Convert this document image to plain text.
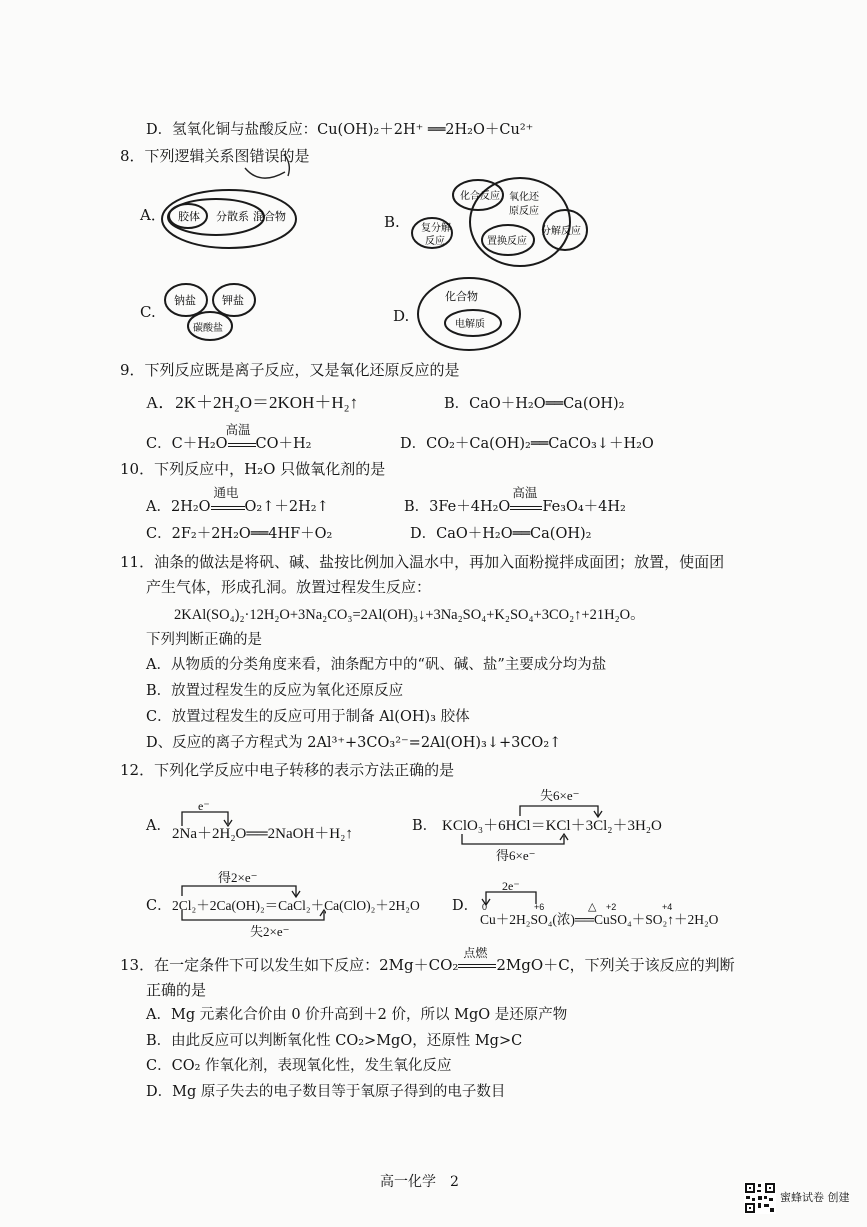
D．氢氧化铜与盐酸反应：Cu(OH)₂＋2H⁺ ══2H₂O＋Cu²⁺
8．下列逻辑关系图错误的是
A． 胶体 分散系 混合物	B.
化合反应 氧化还
原反应
复分解
反应	置换反应
分解反应
C.
钠盐 钾盐
碳酸盐
D.
化合物
电解质
9．下列反应既是离子反应，又是氧化还原反应的是
A．2K＋2H₂O＝2KOH＋H₂↑	B．CaO＋H₂O══Ca(OH)₂
C．C＋H₂O
高温
CO＋H₂	D．CO₂＋Ca(OH)₂══CaCO₃↓＋H₂O
10．下列反应中，H₂O 只做氧化剂的是
A．2H₂O
通电
O₂↑＋2H₂↑	B．3Fe＋4H₂O
高温
Fe₃O₄＋4H₂
C．2F₂＋2H₂O══4HF＋O₂	D．CaO＋H₂O══Ca(OH)₂
11．油条的做法是将矾、碱、盐按比例加入温水中，再加入面粉搅拌成面团；放置，使面团
产生气体，形成孔洞。放置过程发生反应：
2KAl(SO₄)₂·12H₂O+3Na₂CO₃=2Al(OH)₃↓+3Na₂SO₄+K₂SO₄+3CO₂↑+21H₂O。
下列判断正确的是
A．从物质的分类角度来看，油条配方中的“矾、碱、盐”主要成分均为盐
B．放置过程发生的反应为氧化还原反应
C．放置过程发生的反应可用于制备 Al(OH)₃ 胶体
D、反应的离子方程式为 2Al³⁺+3CO₃²⁻=2Al(OH)₃↓+3CO₂↑
12．下列化学反应中电子转移的表示方法正确的是
A． 2Na＋2H₂O══2NaOH＋H₂↑
e⁻
B． KClO₃＋6HCl＝KCl＋3Cl₂＋3H₂O
失6×e⁻
得6×e⁻
C． 2Cl₂＋2Ca(OH)₂＝CaCl₂＋Ca(ClO)₂＋2H₂O
得2×e⁻
失2×e⁻
D．
Cu＋2H₂SO₄(浓)══CuSO₄＋SO₂↑＋2H₂O
2e⁻
0	+6	+2	+4
△
13．在一定条件下可以发生如下反应：2Mg＋CO₂
点燃
2MgO＋C，下列关于该反应的判断
正确的是
A．Mg 元素化合价由 0 价升高到＋2 价，所以 MgO 是还原产物
B．由此反应可以判断氧化性 CO₂>MgO，还原性 Mg>C
C．CO₂ 作氧化剂，表现氧化性，发生氧化反应
D．Mg 原子失去的电子数目等于氧原子得到的电子数目
高一化学　2
蜜蜂试卷 创建
